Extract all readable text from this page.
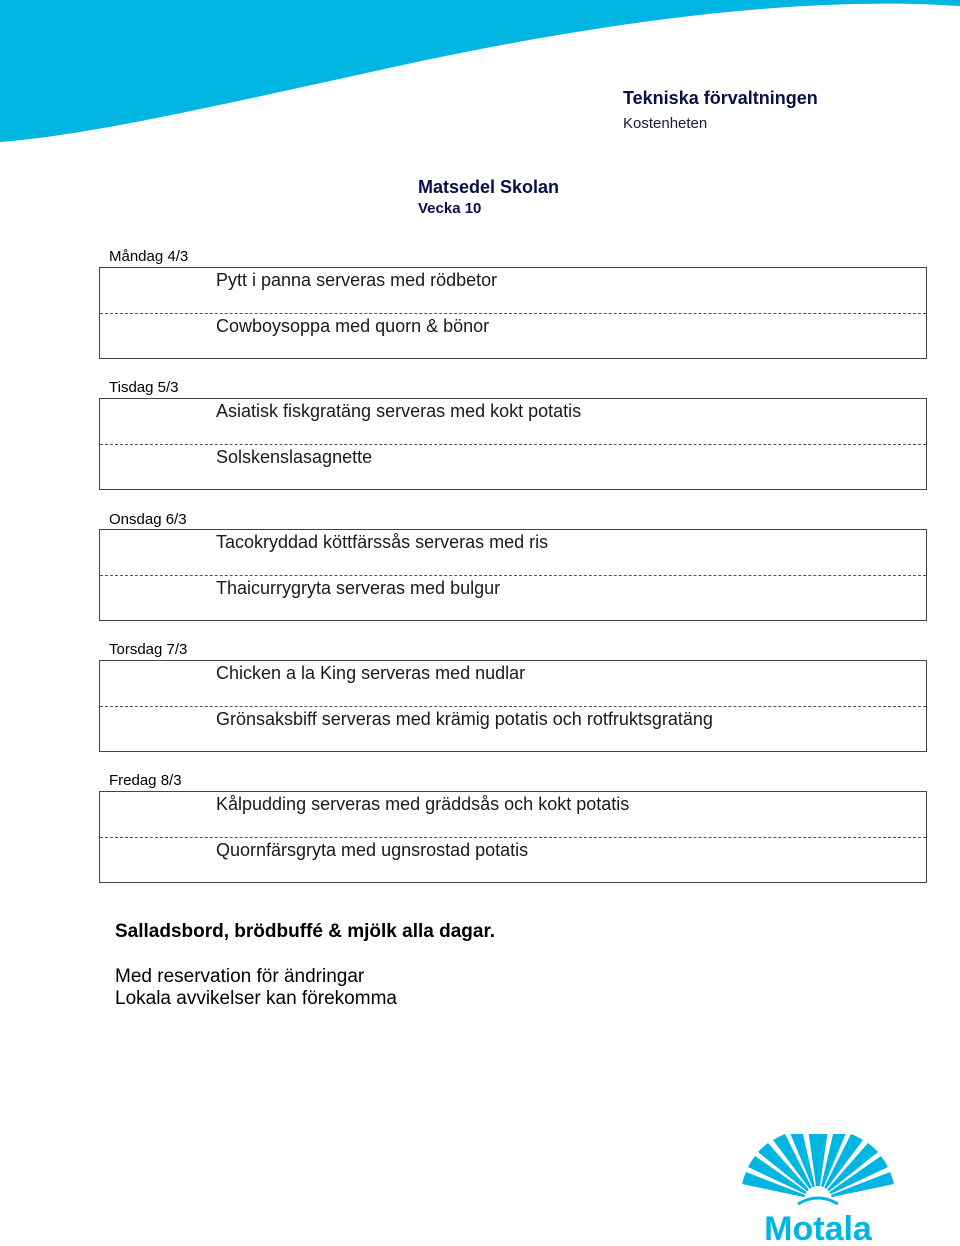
Tekniska förvaltningen
Kostenheten
Matsedel Skolan
Vecka 10
Måndag 4/3
Pytt i panna serveras med rödbetor
Cowboysoppa med quorn & bönor
Tisdag 5/3
Asiatisk fiskgratäng serveras med kokt potatis
Solskenslasagnette
Onsdag 6/3
Tacokryddad köttfärssås serveras med ris
Thaicurrygryta serveras med bulgur
Torsdag 7/3
Chicken a la King serveras med nudlar
Grönsaksbiff serveras med krämig potatis och rotfruktsgratäng
Fredag 8/3
Kålpudding serveras med gräddsås och kokt potatis
Quornfärsgryta med ugnsrostad potatis
Salladsbord, brödbuffé & mjölk alla dagar.
Med reservation för ändringar
Lokala avvikelser kan förekomma
Motala
